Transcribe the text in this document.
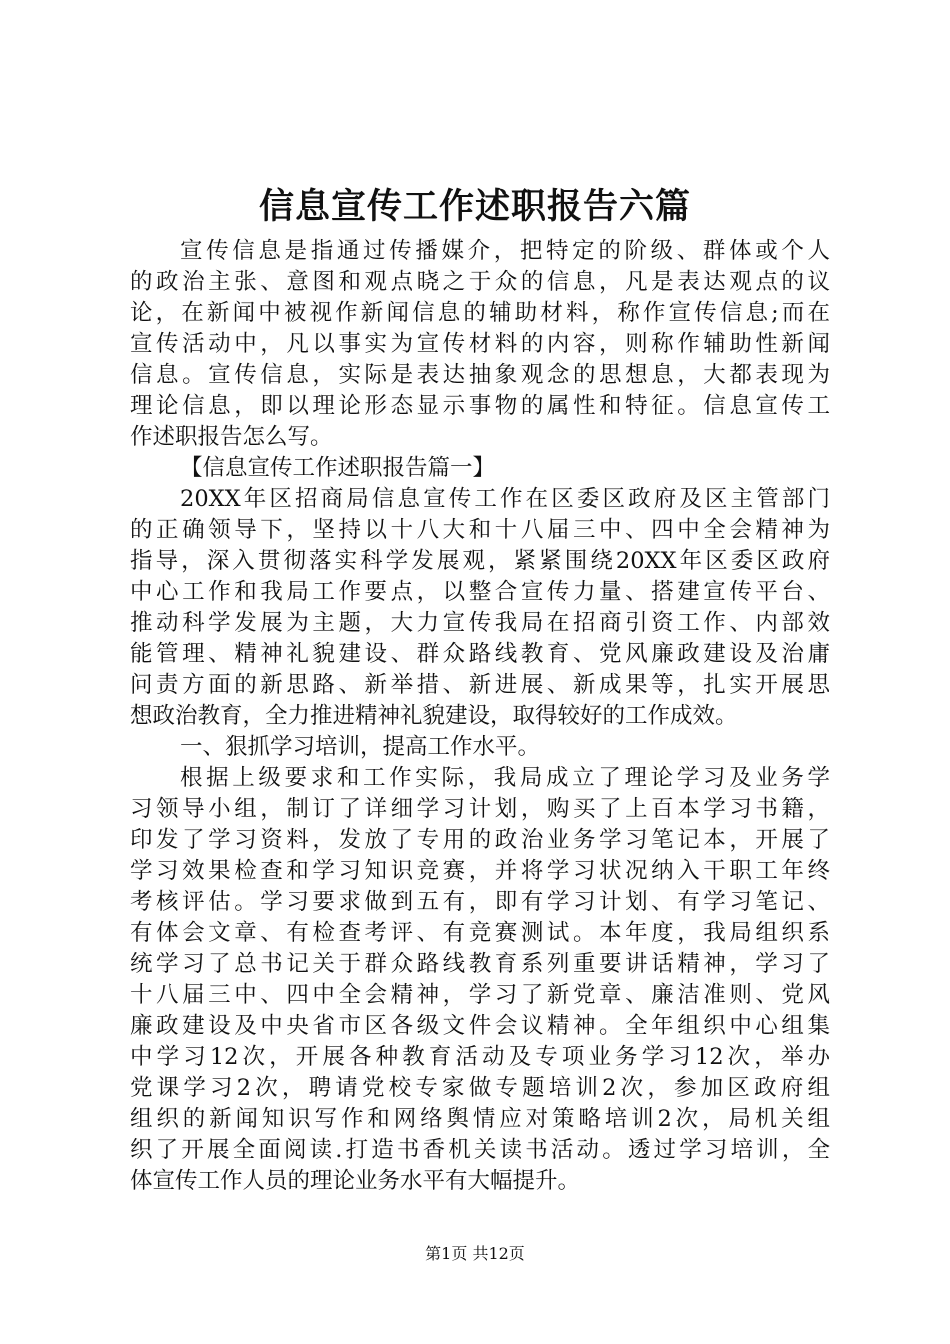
信息宣传工作述职报告六篇
宣传信息是指通过传播媒介，把特定的阶级、群体或个人
的政治主张、意图和观点晓之于众的信息，凡是表达观点的议
论，在新闻中被视作新闻信息的辅助材料，称作宣传信息;而在
宣传活动中，凡以事实为宣传材料的内容，则称作辅助性新闻
信息。宣传信息，实际是表达抽象观念的思想息，大都表现为
理论信息，即以理论形态显示事物的属性和特征。信息宣传工
作述职报告怎么写。
【信息宣传工作述职报告篇一】
20XX年区招商局信息宣传工作在区委区政府及区主管部门
的正确领导下，坚持以十八大和十八届三中、四中全会精神为
指导，深入贯彻落实科学发展观，紧紧围绕20XX年区委区政府
中心工作和我局工作要点，以整合宣传力量、搭建宣传平台、
推动科学发展为主题，大力宣传我局在招商引资工作、内部效
能管理、精神礼貌建设、群众路线教育、党风廉政建设及治庸
问责方面的新思路、新举措、新进展、新成果等，扎实开展思
想政治教育，全力推进精神礼貌建设，取得较好的工作成效。
一、狠抓学习培训，提高工作水平。
根据上级要求和工作实际，我局成立了理论学习及业务学
习领导小组，制订了详细学习计划，购买了上百本学习书籍，
印发了学习资料，发放了专用的政治业务学习笔记本，开展了
学习效果检查和学习知识竞赛，并将学习状况纳入干职工年终
考核评估。学习要求做到五有，即有学习计划、有学习笔记、
有体会文章、有检查考评、有竞赛测试。本年度，我局组织系
统学习了总书记关于群众路线教育系列重要讲话精神，学习了
十八届三中、四中全会精神，学习了新党章、廉洁准则、党风
廉政建设及中央省市区各级文件会议精神。全年组织中心组集
中学习12次，开展各种教育活动及专项业务学习12次，举办
党课学习2次，聘请党校专家做专题培训2次，参加区政府组
组织的新闻知识写作和网络舆情应对策略培训2次，局机关组
织了开展全面阅读.打造书香机关读书活动。透过学习培训，全
体宣传工作人员的理论业务水平有大幅提升。
第1页 共12页
